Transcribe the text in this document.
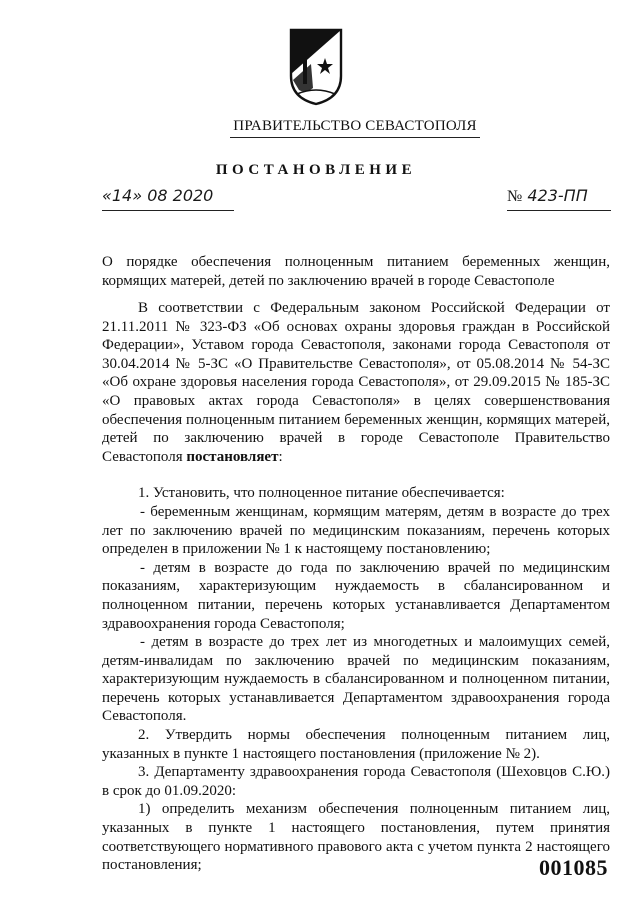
ПРАВИТЕЛЬСТВО СЕВАСТОПОЛЯ
ПОСТАНОВЛЕНИЕ
«14» 08 2020	№ 423-ПП
О порядке обеспечения полноценным питанием беременных женщин, кормящих матерей, детей по заключению врачей в городе Севастополе

В соответствии с Федеральным законом Российской Федерации от 21.11.2011 № 323-ФЗ «Об основах охраны здоровья граждан в Российской Федерации», Уставом города Севастополя, законами города Севастополя от 30.04.2014 № 5-ЗС «О Правительстве Севастополя», от 05.08.2014 № 54-ЗС «Об охране здоровья населения города Севастополя», от 29.09.2015 № 185-ЗС «О правовых актах города Севастополя» в целях совершенствования обеспечения полноценным питанием беременных женщин, кормящих матерей, детей по заключению врачей в городе Севастополе Правительство Севастополя постановляет:

1. Установить, что полноценное питание обеспечивается:

- беременным женщинам, кормящим матерям, детям в возрасте до трех лет по заключению врачей по медицинским показаниям, перечень которых определен в приложении № 1 к настоящему постановлению;

- детям в возрасте до года по заключению врачей по медицинским показаниям, характеризующим нуждаемость в сбалансированном и полноценном питании, перечень которых устанавливается Департаментом здравоохранения города Севастополя;

- детям в возрасте до трех лет из многодетных и малоимущих семей, детям-инвалидам по заключению врачей по медицинским показаниям, характеризующим нуждаемость в сбалансированном и полноценном питании, перечень которых устанавливается Департаментом здравоохранения города Севастополя.

2. Утвердить нормы обеспечения полноценным питанием лиц, указанных в пункте 1 настоящего постановления (приложение № 2).

3. Департаменту здравоохранения города Севастополя (Шеховцов С.Ю.) в срок до 01.09.2020:

1) определить механизм обеспечения полноценным питанием лиц, указанных в пункте 1 настоящего постановления, путем принятия соответствующего нормативного правового акта с учетом пункта 2 настоящего постановления;	001085
